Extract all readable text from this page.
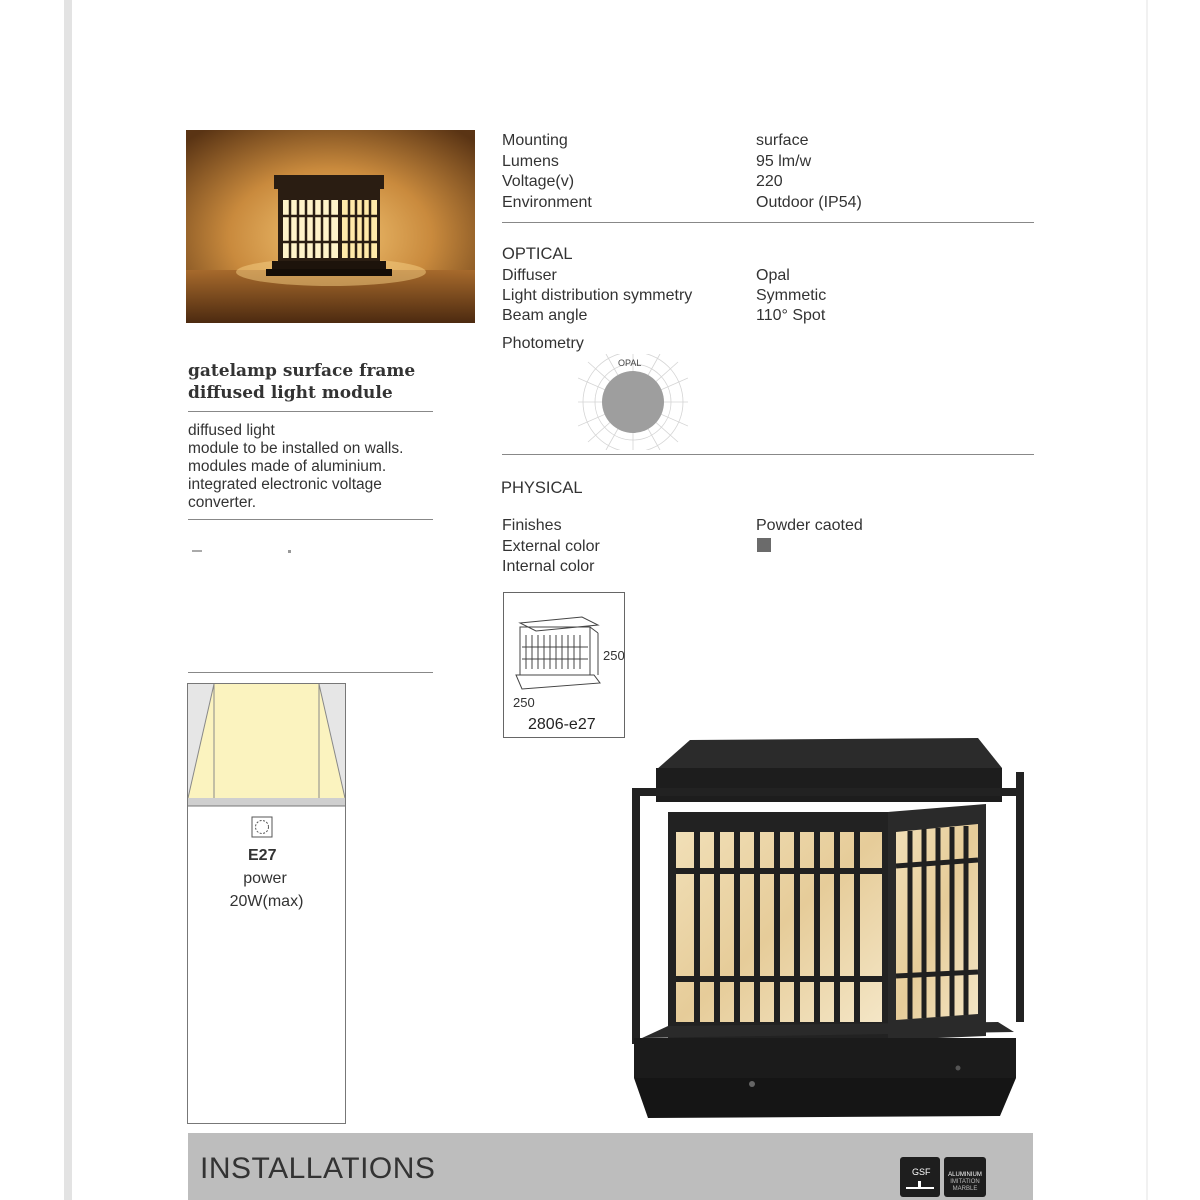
gatelamp surface frame
diffused light module
diffused light
module to be installed on walls.
modules made of aluminium.
integrated electronic voltage
converter.
Mounting	surface
Lumens	95 lm/w
Voltage(v)	220
Environment	Outdoor (IP54)
OPTICAL
Diffuser	Opal
Light distribution symmetry	Symmetic
Beam angle	110° Spot
Photometry
OPAL
PHYSICAL
Finishes	Powder caoted
External color
Internal color
250
250
2806-e27
E27
power
20W(max)
INSTALLATIONS	GSF	ALUMINIUM
IMITATION
MARBLE
